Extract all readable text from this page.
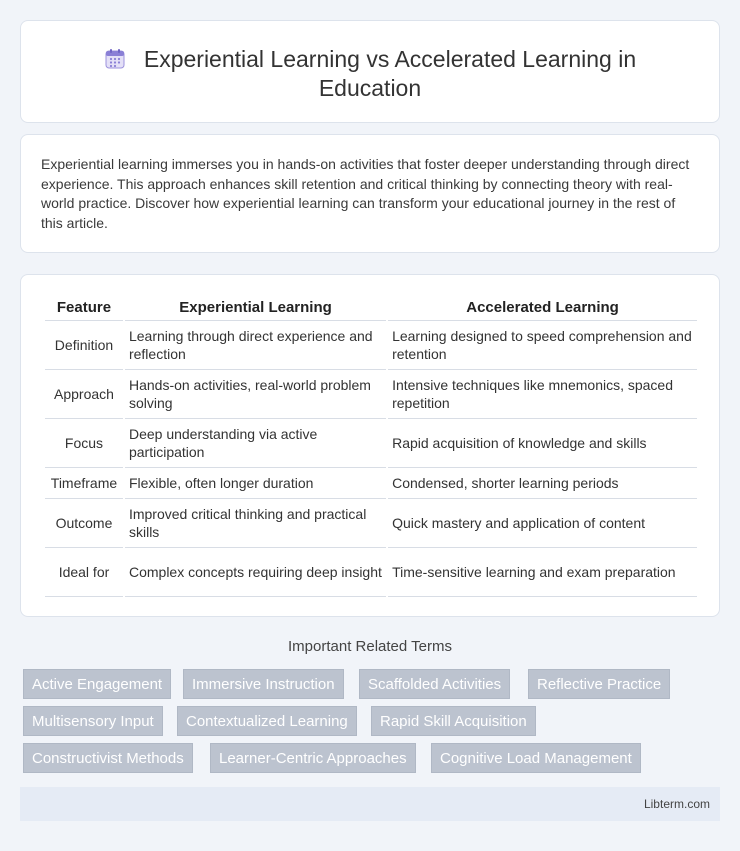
Experiential Learning vs Accelerated Learning in Education

Experiential learning immerses you in hands-on activities that foster deeper understanding through direct experience. This approach enhances skill retention and critical thinking by connecting theory with real-world practice. Discover how experiential learning can transform your educational journey in the rest of this article.

Feature	Experiential Learning	Accelerated Learning
Definition	Learning through direct experience and reflection	Learning designed to speed comprehension and retention
Approach	Hands-on activities, real-world problem solving	Intensive techniques like mnemonics, spaced repetition
Focus	Deep understanding via active participation	Rapid acquisition of knowledge and skills
Timeframe	Flexible, often longer duration	Condensed, shorter learning periods
Outcome	Improved critical thinking and practical skills	Quick mastery and application of content
Ideal for	Complex concepts requiring deep insight	Time-sensitive learning and exam preparation
Important Related Terms
Active Engagement	Immersive Instruction	Scaffolded Activities	Reflective Practice
Multisensory Input	Contextualized Learning	Rapid Skill Acquisition
Constructivist Methods	Learner-Centric Approaches	Cognitive Load Management
Libterm.com
